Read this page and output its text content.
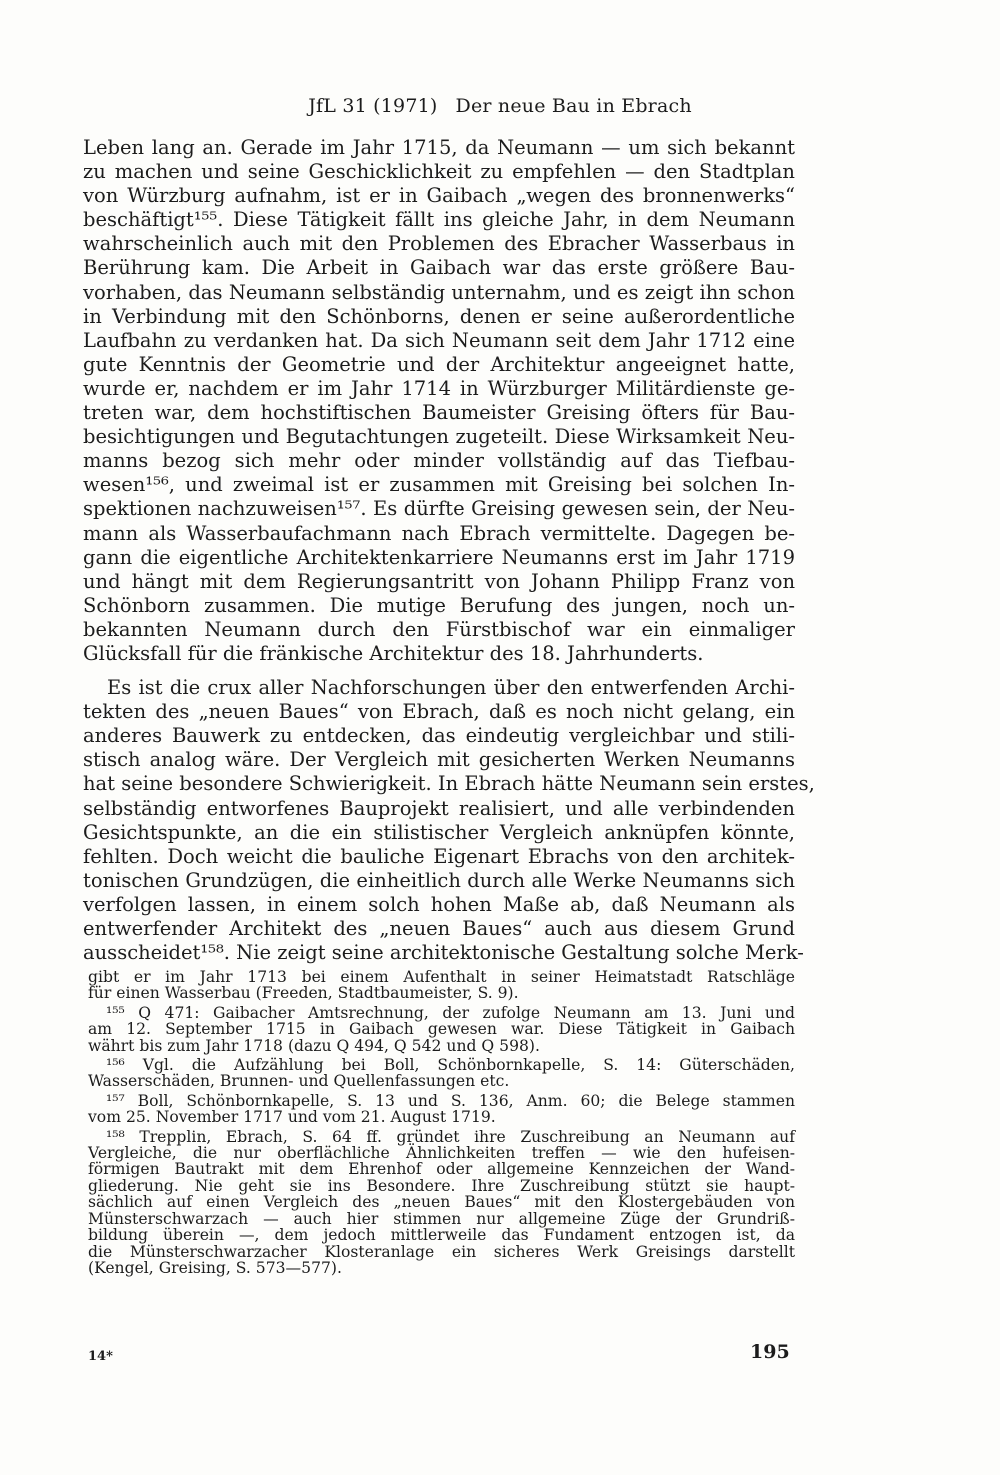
JfL 31 (1971) Der neue Bau in Ebrach
Leben lang an. Gerade im Jahr 1715, da Neumann — um sich bekannt
zu machen und seine Geschicklichkeit zu empfehlen — den Stadtplan
von Würzburg aufnahm, ist er in Gaibach „wegen des bronnenwerks“
beschäftigt¹⁵⁵. Diese Tätigkeit fällt ins gleiche Jahr, in dem Neumann
wahrscheinlich auch mit den Problemen des Ebracher Wasserbaus in
Berührung kam. Die Arbeit in Gaibach war das erste größere Bau-
vorhaben, das Neumann selbständig unternahm, und es zeigt ihn schon
in Verbindung mit den Schönborns, denen er seine außerordentliche
Laufbahn zu verdanken hat. Da sich Neumann seit dem Jahr 1712 eine
gute Kenntnis der Geometrie und der Architektur angeeignet hatte,
wurde er, nachdem er im Jahr 1714 in Würzburger Militärdienste ge-
treten war, dem hochstiftischen Baumeister Greising öfters für Bau-
besichtigungen und Begutachtungen zugeteilt. Diese Wirksamkeit Neu-
manns bezog sich mehr oder minder vollständig auf das Tiefbau-
wesen¹⁵⁶, und zweimal ist er zusammen mit Greising bei solchen In-
spektionen nachzuweisen¹⁵⁷. Es dürfte Greising gewesen sein, der Neu-
mann als Wasserbaufachmann nach Ebrach vermittelte. Dagegen be-
gann die eigentliche Architektenkarriere Neumanns erst im Jahr 1719
und hängt mit dem Regierungsantritt von Johann Philipp Franz von
Schönborn zusammen. Die mutige Berufung des jungen, noch un-
bekannten Neumann durch den Fürstbischof war ein einmaliger
Glücksfall für die fränkische Architektur des 18. Jahrhunderts.
Es ist die crux aller Nachforschungen über den entwerfenden Archi-
tekten des „neuen Baues“ von Ebrach, daß es noch nicht gelang, ein
anderes Bauwerk zu entdecken, das eindeutig vergleichbar und stili-
stisch analog wäre. Der Vergleich mit gesicherten Werken Neumanns
hat seine besondere Schwierigkeit. In Ebrach hätte Neumann sein erstes,
selbständig entworfenes Bauprojekt realisiert, und alle verbindenden
Gesichtspunkte, an die ein stilistischer Vergleich anknüpfen könnte,
fehlten. Doch weicht die bauliche Eigenart Ebrachs von den architek-
tonischen Grundzügen, die einheitlich durch alle Werke Neumanns sich
verfolgen lassen, in einem solch hohen Maße ab, daß Neumann als
entwerfender Architekt des „neuen Baues“ auch aus diesem Grund
ausscheidet¹⁵⁸. Nie zeigt seine architektonische Gestaltung solche Merk-
gibt er im Jahr 1713 bei einem Aufenthalt in seiner Heimatstadt Ratschläge
für einen Wasserbau (Freeden, Stadtbaumeister, S. 9).
¹⁵⁵ Q 471: Gaibacher Amtsrechnung, der zufolge Neumann am 13. Juni und
am 12. September 1715 in Gaibach gewesen war. Diese Tätigkeit in Gaibach
währt bis zum Jahr 1718 (dazu Q 494, Q 542 und Q 598).
¹⁵⁶ Vgl. die Aufzählung bei Boll, Schönbornkapelle, S. 14: Güterschäden,
Wasserschäden, Brunnen- und Quellenfassungen etc.
¹⁵⁷ Boll, Schönbornkapelle, S. 13 und S. 136, Anm. 60; die Belege stammen
vom 25. November 1717 und vom 21. August 1719.
¹⁵⁸ Trepplin, Ebrach, S. 64 ff. gründet ihre Zuschreibung an Neumann auf
Vergleiche, die nur oberflächliche Ähnlichkeiten treffen — wie den hufeisen-
förmigen Bautrakt mit dem Ehrenhof oder allgemeine Kennzeichen der Wand-
gliederung. Nie geht sie ins Besondere. Ihre Zuschreibung stützt sie haupt-
sächlich auf einen Vergleich des „neuen Baues“ mit den Klostergebäuden von
Münsterschwarzach — auch hier stimmen nur allgemeine Züge der Grundriß-
bildung überein —, dem jedoch mittlerweile das Fundament entzogen ist, da
die Münsterschwarzacher Klosteranlage ein sicheres Werk Greisings darstellt
(Kengel, Greising, S. 573—577).
14*	195
